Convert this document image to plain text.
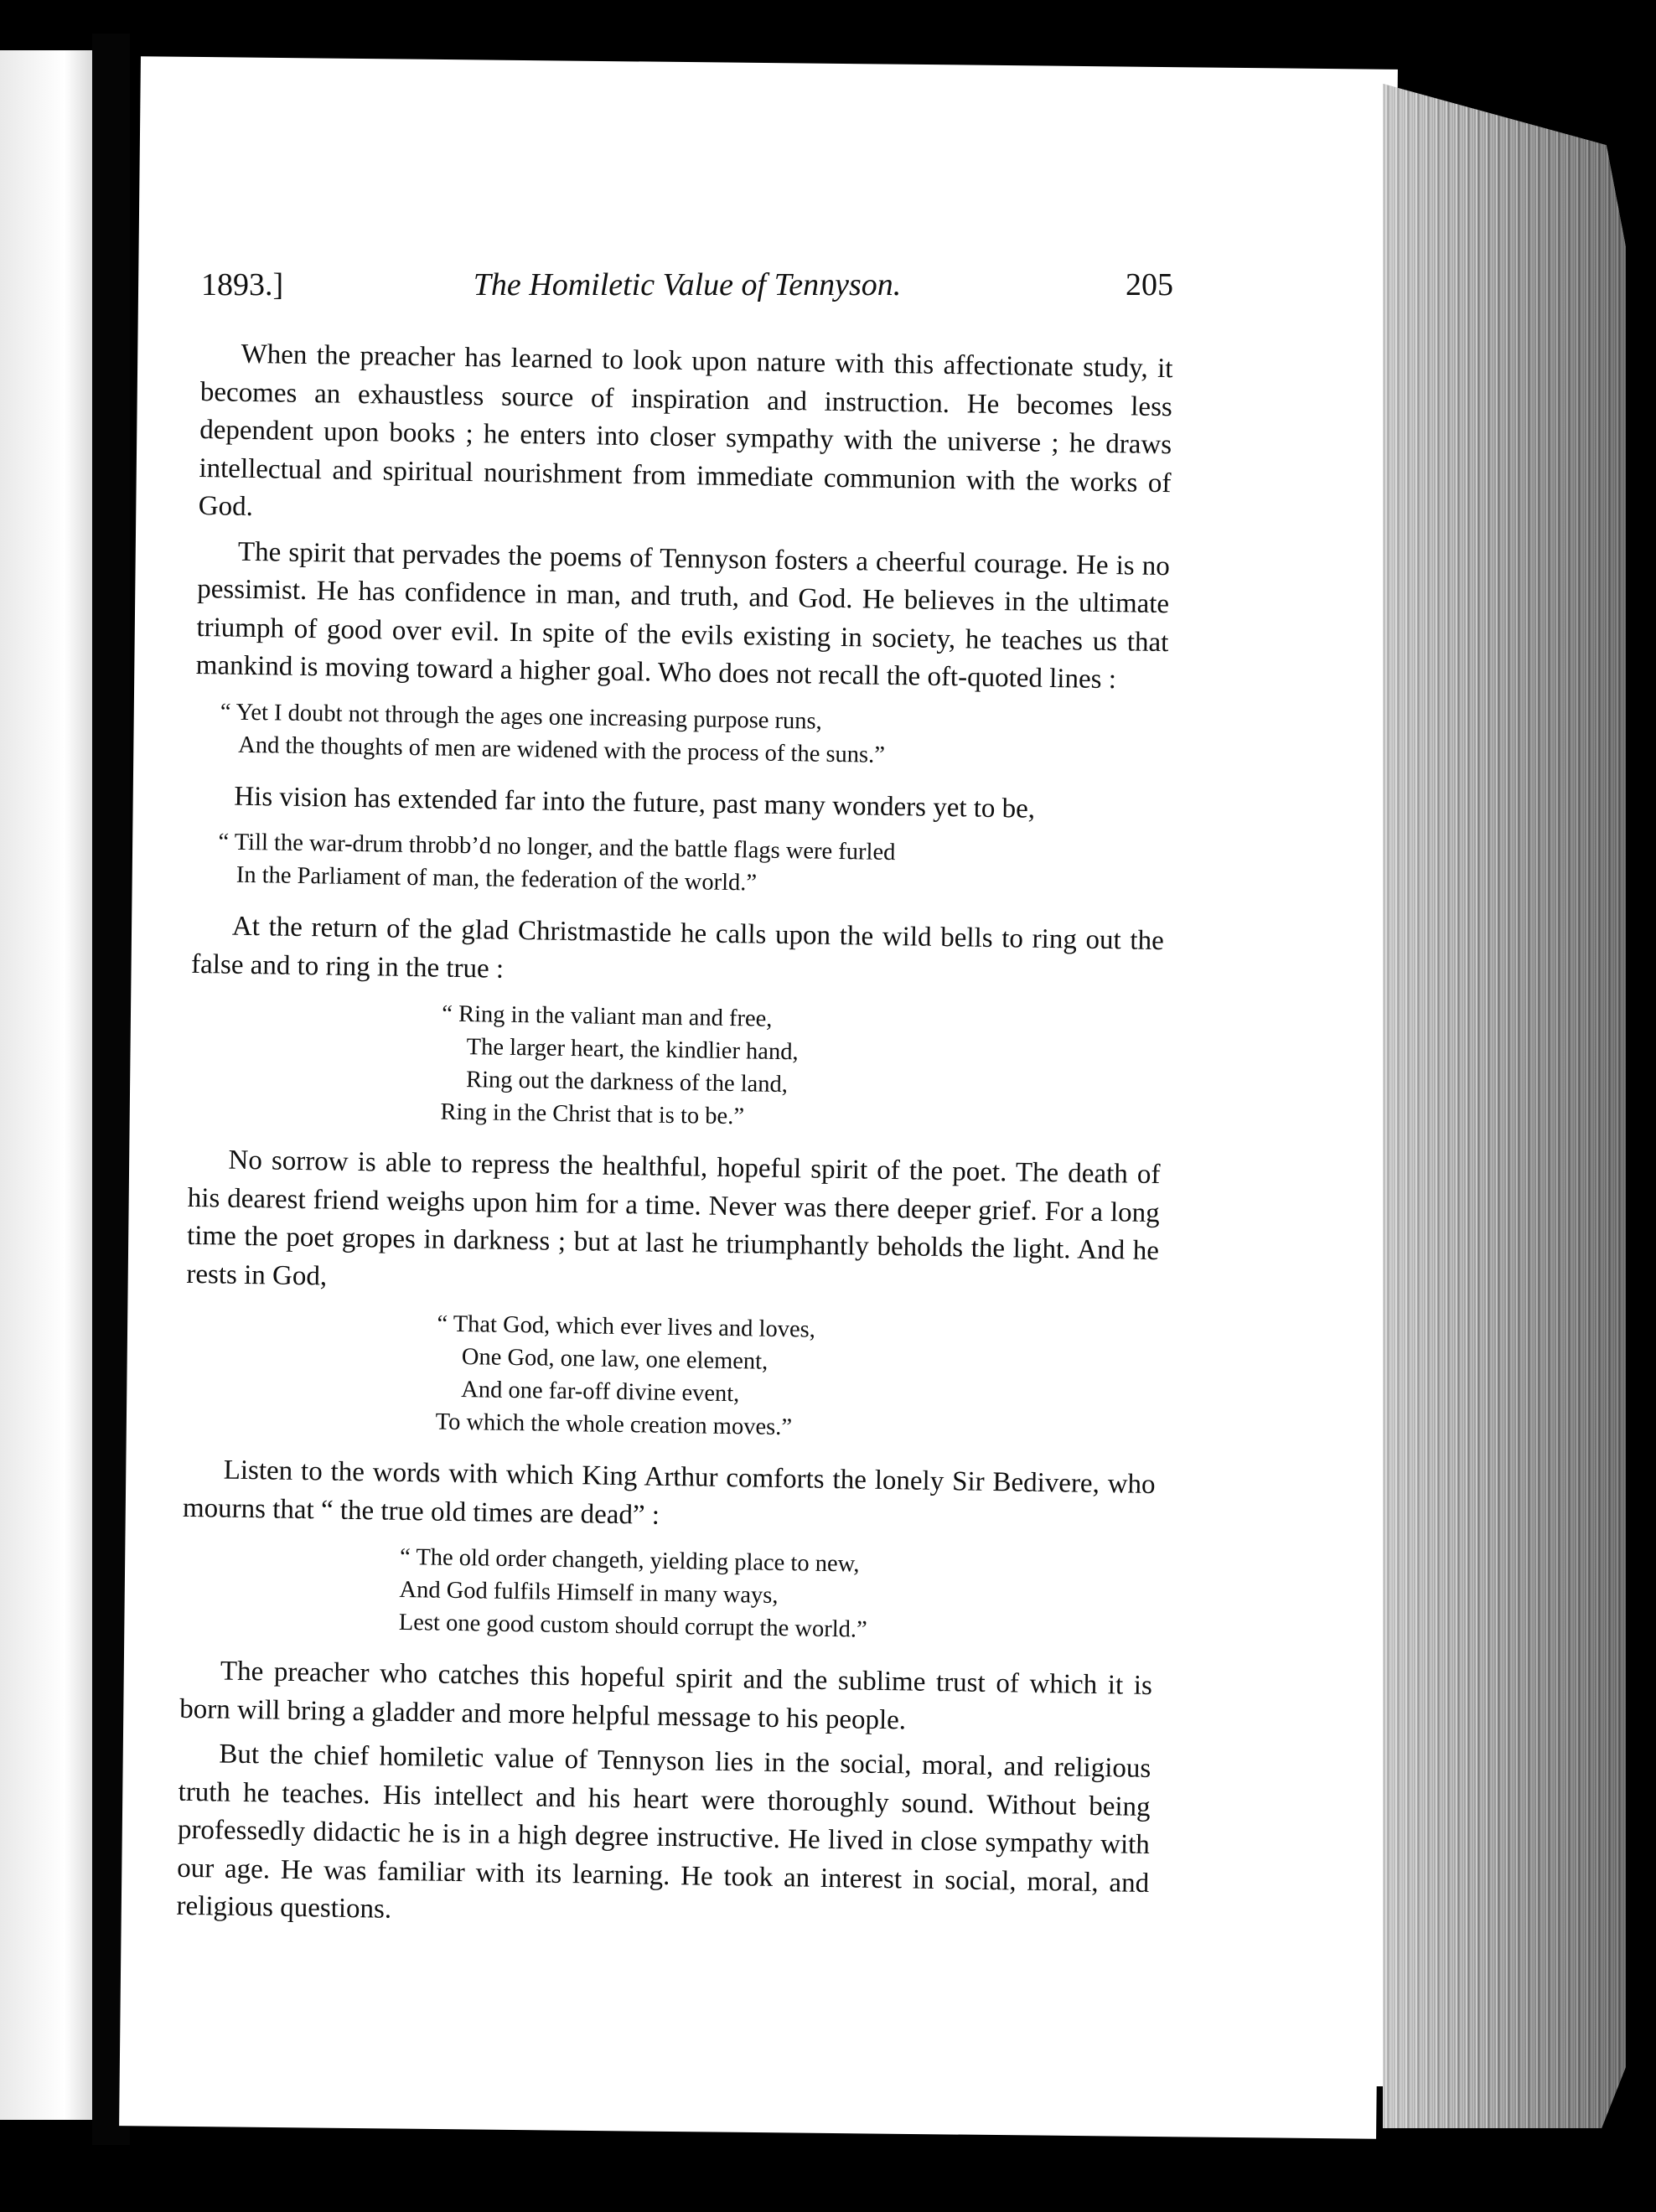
1893.]	The Homiletic Value of Tennyson.	205

When the preacher has learned to look upon nature with this affectionate study, it becomes an exhaustless source of inspiration and instruction. He becomes less dependent upon books ; he enters into closer sympathy with the universe ; he draws intellectual and spiritual nourishment from immediate communion with the works of God.

The spirit that pervades the poems of Tennyson fosters a cheerful courage. He is no pessimist. He has confidence in man, and truth, and God. He believes in the ultimate triumph of good over evil. In spite of the evils existing in society, he teaches us that mankind is moving toward a higher goal. Who does not recall the oft-quoted lines :

“ Yet I doubt not through the ages one increasing purpose runs,
And the thoughts of men are widened with the process of the suns.”

His vision has extended far into the future, past many wonders yet to be,

“ Till the war-drum throbb’d no longer, and the battle flags were furled
In the Parliament of man, the federation of the world.”

At the return of the glad Christmastide he calls upon the wild bells to ring out the false and to ring in the true :

“ Ring in the valiant man and free,
The larger heart, the kindlier hand,
Ring out the darkness of the land,
Ring in the Christ that is to be.”

No sorrow is able to repress the healthful, hopeful spirit of the poet. The death of his dearest friend weighs upon him for a time. Never was there deeper grief. For a long time the poet gropes in darkness ; but at last he triumphantly beholds the light. And he rests in God,

“ That God, which ever lives and loves,
One God, one law, one element,
And one far-off divine event,
To which the whole creation moves.”

Listen to the words with which King Arthur comforts the lonely Sir Bedivere, who mourns that “ the true old times are dead” :

“ The old order changeth, yielding place to new,
And God fulfils Himself in many ways,
Lest one good custom should corrupt the world.”

The preacher who catches this hopeful spirit and the sublime trust of which it is born will bring a gladder and more helpful message to his people.

But the chief homiletic value of Tennyson lies in the social, moral, and religious truth he teaches. His intellect and his heart were thoroughly sound. Without being professedly didactic he is in a high degree instructive. He lived in close sympathy with our age. He was familiar with its learning. He took an interest in social, moral, and religious questions.
